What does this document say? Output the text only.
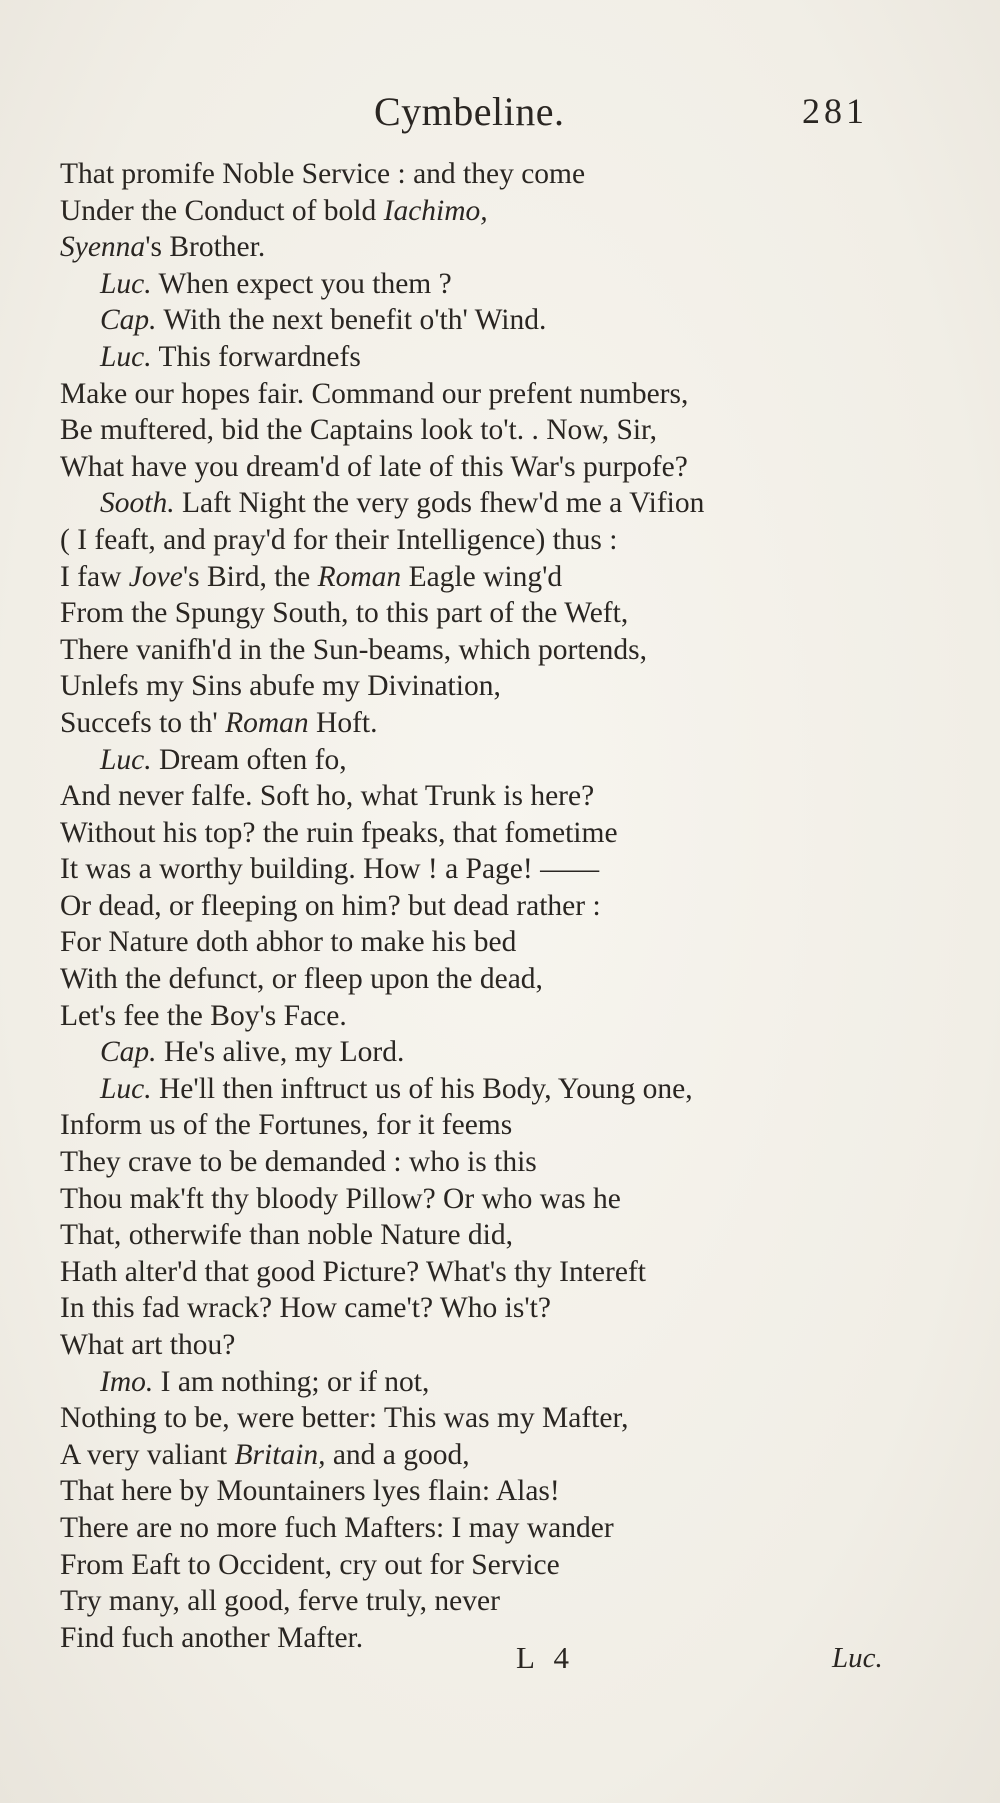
Cymbeline.	281
That promife Noble Service : and they come
Under the Conduct of bold Iachimo,
Syenna's Brother.
Luc. When expect you them ?
Cap. With the next benefit o'th' Wind.
Luc. This forwardnefs
Make our hopes fair. Command our prefent numbers,
Be muftered, bid the Captains look to't. . Now, Sir,
What have you dream'd of late of this War's purpofe?
Sooth. Laft Night the very gods fhew'd me a Vifion
( I feaft, and pray'd for their Intelligence) thus :
I faw Jove's Bird, the Roman Eagle wing'd
From the Spungy South, to this part of the Weft,
There vanifh'd in the Sun-beams, which portends,
Unlefs my Sins abufe my Divination,
Succefs to th' Roman Hoft.
Luc. Dream often fo,
And never falfe. Soft ho, what Trunk is here?
Without his top? the ruin fpeaks, that fometime
It was a worthy building. How ! a Page! ——
Or dead, or fleeping on him? but dead rather :
For Nature doth abhor to make his bed
With the defunct, or fleep upon the dead,
Let's fee the Boy's Face.
Cap. He's alive, my Lord.
Luc. He'll then inftruct us of his Body, Young one,
Inform us of the Fortunes, for it feems
They crave to be demanded : who is this
Thou mak'ft thy bloody Pillow? Or who was he
That, otherwife than noble Nature did,
Hath alter'd that good Picture? What's thy Intereft
In this fad wrack? How came't? Who is't?
What art thou?
Imo. I am nothing; or if not,
Nothing to be, were better: This was my Mafter,
A very valiant Britain, and a good,
That here by Mountainers lyes flain: Alas!
There are no more fuch Mafters: I may wander
From Eaft to Occident, cry out for Service
Try many, all good, ferve truly, never
Find fuch another Mafter.
L 4	Luc.
